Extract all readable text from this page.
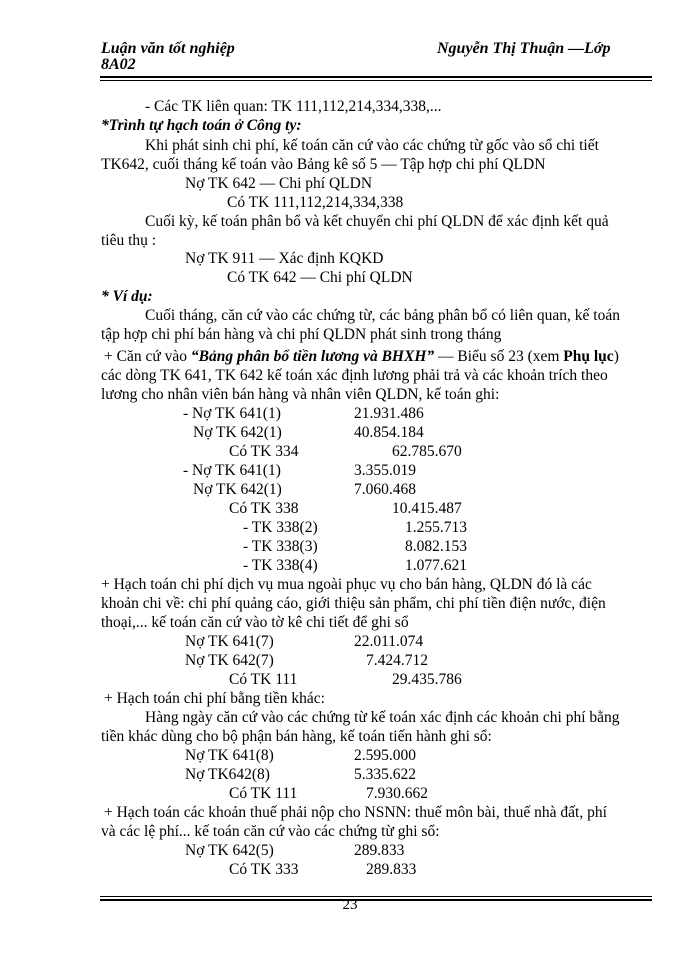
Luận văn tốt nghiệp	Nguyễn Thị Thuận —Lớp
8A02
- Các TK liên quan: TK 111,112,214,334,338,...
*Trình tự hạch toán ở Công ty:
Khi phát sinh chi phí, kế toán căn cứ vào các chứng từ gốc vào sổ chi tiết
TK642, cuối tháng kế toán vào Bảng kê số 5 — Tập hợp chi phí QLDN
Nợ TK 642 — Chi phí QLDN
Có TK 111,112,214,334,338
Cuối kỳ, kế toán phân bổ và kết chuyển chi phí QLDN để xác định kết quả
tiêu thụ :
Nợ TK 911 — Xác định KQKD
Có TK 642 — Chi phí QLDN
* Ví dụ:
Cuối tháng, căn cứ vào các chứng từ, các bảng phân bổ có liên quan, kế toán
tập hợp chi phí bán hàng và chi phí QLDN phát sinh trong tháng
+ Căn cứ vào “Bảng phân bổ tiền lương và BHXH” — Biểu số 23 (xem Phụ lục)
các dòng TK 641, TK 642 kế toán xác định lương phải trả và các khoản trích theo
lương cho nhân viên bán hàng và nhân viên QLDN, kế toán ghi:
- Nợ TK 641(1)	21.931.486
Nợ TK 642(1)	40.854.184
Có TK 334	62.785.670
- Nợ TK 641(1)	3.355.019
Nợ TK 642(1)	7.060.468
Có TK 338	10.415.487
- TK 338(2)	1.255.713
- TK 338(3)	8.082.153
- TK 338(4)	1.077.621
+ Hạch toán chi phí dịch vụ mua ngoài phục vụ cho bán hàng, QLDN đó là các
khoản chi về: chi phí quảng cáo, giới thiệu sản phẩm, chi phí tiền điện nước, điện
thoại,... kế toán căn cứ vào tờ kê chi tiết để ghi sổ
Nợ TK 641(7)	22.011.074
Nợ TK 642(7)	7.424.712
Có TK 111	29.435.786
+ Hạch toán chi phí bằng tiền khác:
Hàng ngày căn cứ vào các chứng từ kế toán xác định các khoản chi phí bằng
tiền khác dùng cho bộ phận bán hàng, kế toán tiến hành ghi sổ:
Nợ TK 641(8)	2.595.000
Nợ TK642(8)	5.335.622
Có TK 111	7.930.662
+ Hạch toán các khoản thuế phải nộp cho NSNN: thuế môn bài, thuế nhà đất, phí
và các lệ phí... kế toán căn cứ vào các chứng từ ghi sổ:
Nợ TK 642(5)	289.833
Có TK 333	289.833
23
